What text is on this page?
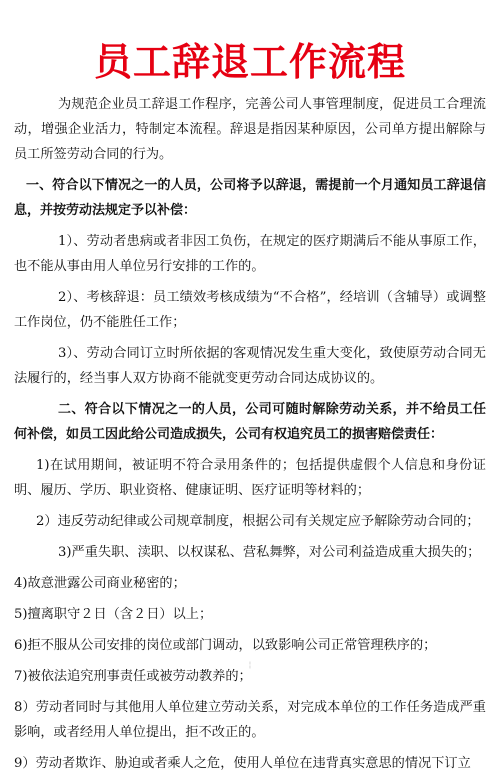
员工辞退工作流程

为规范企业员工辞退工作程序，完善公司人事管理制度，促进员工合理流动，增强企业活力，特制定本流程。辞退是指因某种原因，公司单方提出解除与员工所签劳动合同的行为。

一、符合以下情况之一的人员，公司将予以辞退，需提前一个月通知员工辞退信息，并按劳动法规定予以补偿：

1）、劳动者患病或者非因工负伤，在规定的医疗期满后不能从事原工作，也不能从事由用人单位另行安排的工作的。

2）、考核辞退：员工绩效考核成绩为“不合格”，经培训（含辅导）或调整工作岗位，仍不能胜任工作；

3）、劳动合同订立时所依据的客观情况发生重大变化，致使原劳动合同无法履行的，经当事人双方协商不能就变更劳动合同达成协议的。

二、符合以下情况之一的人员，公司可随时解除劳动关系，并不给员工任何补偿，如员工因此给公司造成损失，公司有权追究员工的损害赔偿责任：

1)在试用期间，被证明不符合录用条件的；包括提供虚假个人信息和身份证明、履历、学历、职业资格、健康证明、医疗证明等材料的；

2）违反劳动纪律或公司规章制度，根据公司有关规定应予解除劳动合同的；

3)严重失职、渎职、以权谋私、营私舞弊，对公司利益造成重大损失的；

4)故意泄露公司商业秘密的；

5)擅离职守２日（含２日）以上；

6)拒不服从公司安排的岗位或部门调动，以致影响公司正常管理秩序的；

7)被依法追究刑事责任或被劳动教养的；

8）劳动者同时与其他用人单位建立劳动关系，对完成本单位的工作任务造成严重影响，或者经用人单位提出，拒不改正的。

9）劳动者欺诈、胁迫或者乘人之危，使用人单位在违背真实意思的情况下订立

¦
